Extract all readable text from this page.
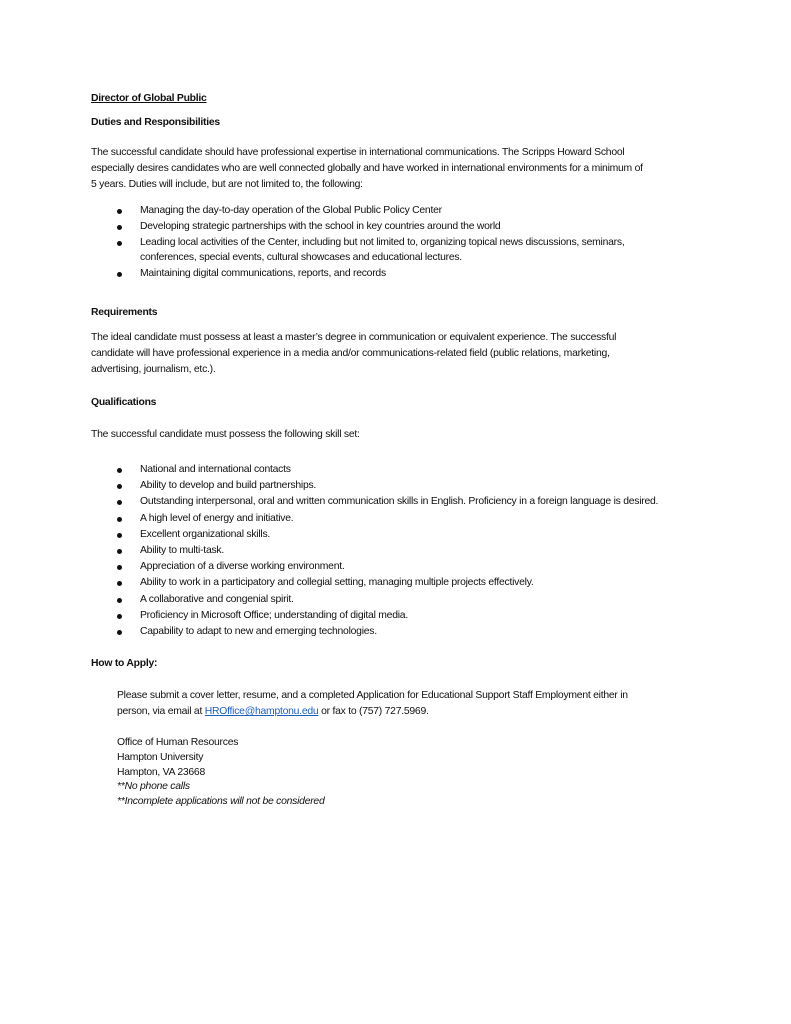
Director of Global Public
Duties and Responsibilities
The successful candidate should have professional expertise in international communications. The Scripps Howard School
especially desires candidates who are well connected globally and have worked in international environments for a minimum of
5 years. Duties will include, but are not limited to, the following:
Managing the day-to-day operation of the Global Public Policy Center
Developing strategic partnerships with the school in key countries around the world
Leading local activities of the Center, including but not limited to, organizing topical news discussions, seminars,
conferences, special events, cultural showcases and educational lectures.
Maintaining digital communications, reports, and records
Requirements
The ideal candidate must possess at least a master’s degree in communication or equivalent experience. The successful
candidate will have professional experience in a media and/or communications-related field (public relations, marketing,
advertising, journalism, etc.).
Qualifications
The successful candidate must possess the following skill set:
National and international contacts
Ability to develop and build partnerships.
Outstanding interpersonal, oral and written communication skills in English. Proficiency in a foreign language is desired.
A high level of energy and initiative.
Excellent organizational skills.
Ability to multi-task.
Appreciation of a diverse working environment.
Ability to work in a participatory and collegial setting, managing multiple projects effectively.
A collaborative and congenial spirit.
Proficiency in Microsoft Office; understanding of digital media.
Capability to adapt to new and emerging technologies.
How to Apply:
Please submit a cover letter, resume, and a completed Application for Educational Support Staff Employment either in
person, via email at HROffice@hamptonu.edu or fax to (757) 727.5969.
Office of Human Resources
Hampton University
Hampton, VA 23668
**No phone calls
**Incomplete applications will not be considered
